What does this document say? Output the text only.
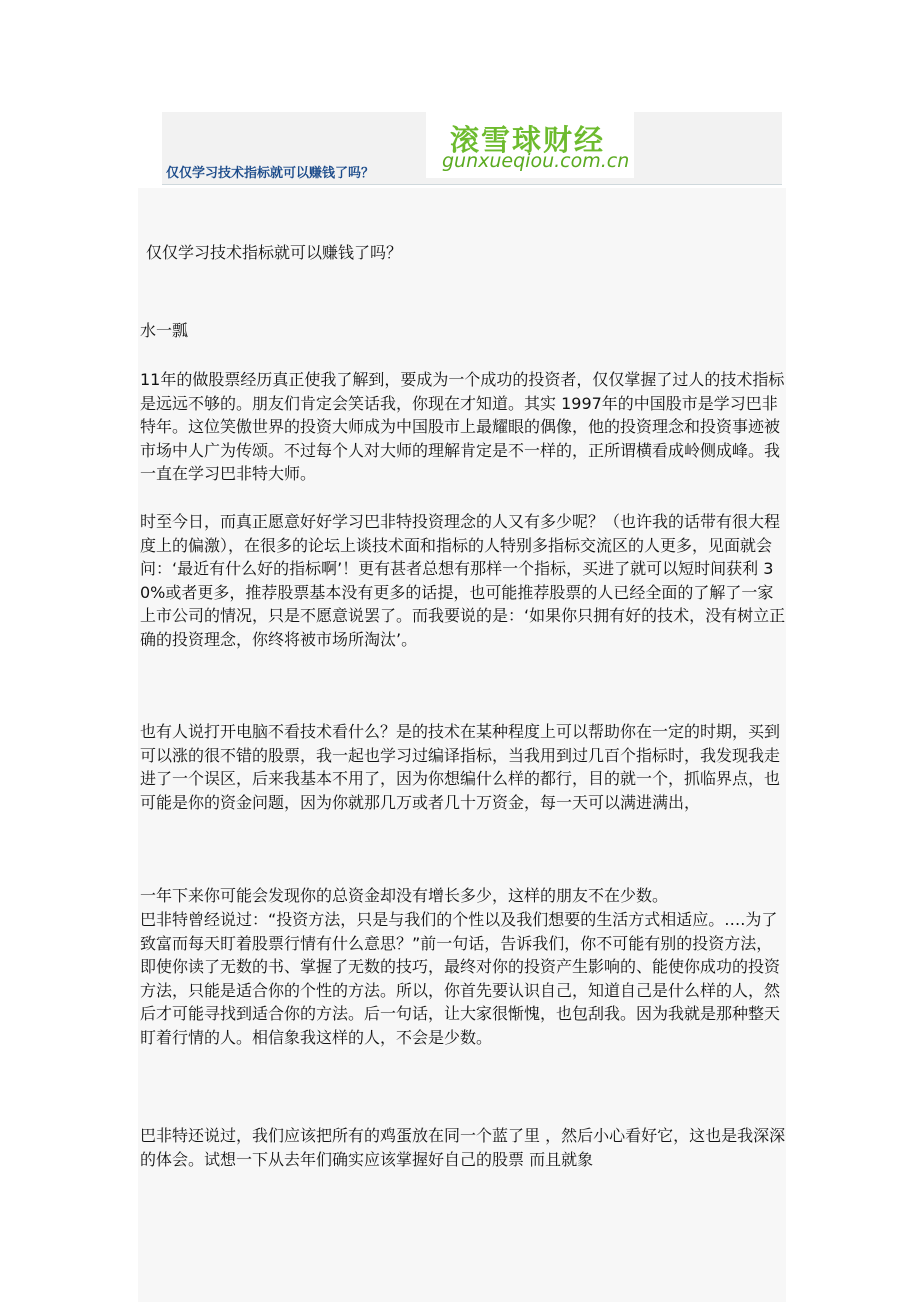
仅仅学习技术指标就可以赚钱了吗？
滚雪球财经
gunxueqiou.com.cn
仅仅学习技术指标就可以赚钱了吗？
水一瓢

11年的做股票经历真正使我了解到，要成为一个成功的投资者，仅仅掌握了过人的技术指标是远远不够的。朋友们肯定会笑话我，你现在才知道。其实 1997年的中国股市是学习巴非特年。这位笑傲世界的投资大师成为中国股市上最耀眼的偶像，他的投资理念和投资事迹被市场中人广为传颂。不过每个人对大师的理解肯定是不一样的，正所谓横看成岭侧成峰。我一直在学习巴非特大师。

时至今日，而真正愿意好好学习巴非特投资理念的人又有多少呢？（也许我的话带有很大程度上的偏激），在很多的论坛上谈技术面和指标的人特别多指标交流区的人更多，见面就会问：‘最近有什么好的指标啊’！更有甚者总想有那样一个指标，买进了就可以短时间获利 30%或者更多，推荐股票基本没有更多的话提，也可能推荐股票的人已经全面的了解了一家上市公司的情况，只是不愿意说罢了。而我要说的是：‘如果你只拥有好的技术，没有树立正确的投资理念，你终将被市场所淘汰’。

也有人说打开电脑不看技术看什么？是的技术在某种程度上可以帮助你在一定的时期，买到可以涨的很不错的股票，我一起也学习过编译指标，当我用到过几百个指标时，我发现我走进了一个误区，后来我基本不用了，因为你想编什么样的都行，目的就一个，抓临界点，也可能是你的资金问题，因为你就那几万或者几十万资金，每一天可以满进满出，

一年下来你可能会发现你的总资金却没有增长多少，这样的朋友不在少数。

巴非特曾经说过：“投资方法，只是与我们的个性以及我们想要的生活方式相适应。….为了致富而每天盯着股票行情有什么意思？”前一句话，告诉我们，你不可能有别的投资方法，即使你读了无数的书、掌握了无数的技巧，最终对你的投资产生影响的、能使你成功的投资方法，只能是适合你的个性的方法。所以，你首先要认识自己，知道自己是什么样的人，然后才可能寻找到适合你的方法。后一句话，让大家很惭愧，也包刮我。因为我就是那种整天盯着行情的人。相信象我这样的人，不会是少数。

巴非特还说过，我们应该把所有的鸡蛋放在同一个蓝了里 ，然后小心看好它，这也是我深深的体会。试想一下从去年们确实应该掌握好自己的股票 而且就象
